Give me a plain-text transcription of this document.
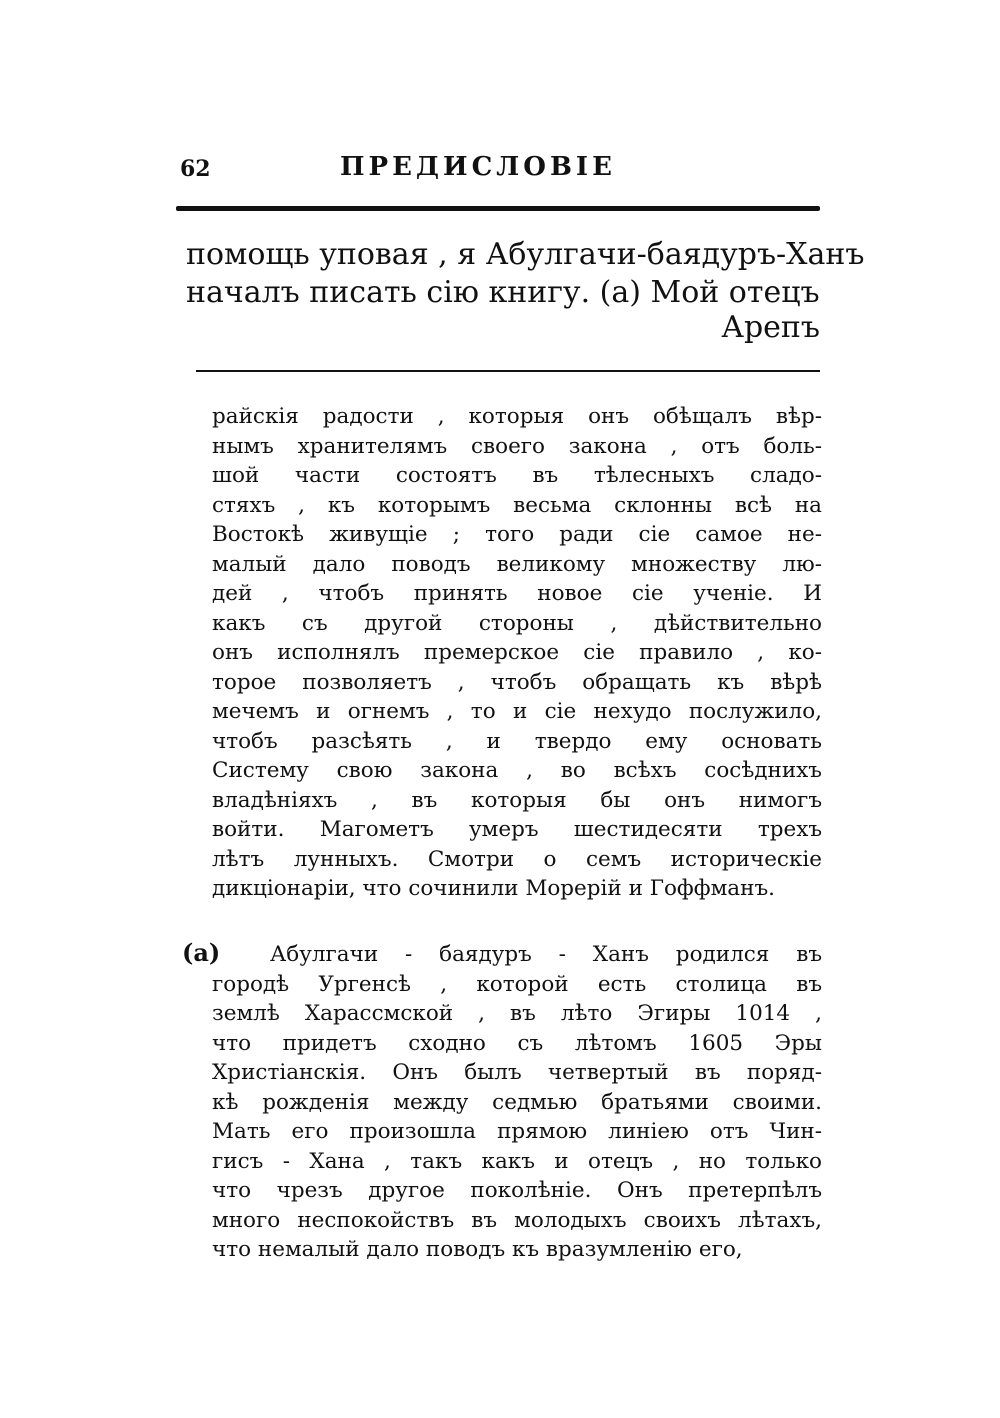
62	ПРЕДИСЛОВІЕ
помощь уповая , я Абулгачи-баядуръ-Ханъ
началъ писать сію книгу. (а) Мой отецъ
Арепъ
райскія радости , которыя онъ обѣщалъ вѣр-
нымъ хранителямъ своего закона , отъ боль-
шой части состоятъ въ тѣлесныхъ сладо-
стяхъ , къ которымъ весьма склонны всѣ на
Востокѣ живущіе ; того ради сіе самое не-
малый дало поводъ великому множеству лю-
дей , чтобъ принять новое сіе ученіе. И
какъ съ другой стороны , дѣйствительно
онъ исполнялъ премерское сіе правило , ко-
торое позволяетъ , чтобъ обращать къ вѣрѣ
мечемъ и огнемъ , то и сіе нехудо послужило,
чтобъ разсѣять , и твердо ему основать
Систему свою закона , во всѣхъ сосѣднихъ
владѣніяхъ , въ которыя бы онъ нимогъ
войти. Магометъ умеръ шестидесяти трехъ
лѣтъ лунныхъ. Смотри о семъ историческіе
дикціонаріи, что сочинили Морерій и Гоффманъ.
(а)	Абулгачи - баядуръ - Ханъ родился въ
городѣ Ургенсѣ , которой есть столица въ
землѣ Харассмской , въ лѣто Эгиры 1014 ,
что придетъ сходно съ лѣтомъ 1605 Эры
Христіанскія. Онъ былъ четвертый въ поряд-
кѣ рожденія между седмью братьями своими.
Мать его произошла прямою линіею отъ Чин-
гисъ - Хана , такъ какъ и отецъ , но только
что чрезъ другое поколѣніе. Онъ претерпѣлъ
много неспокойствъ въ молодыхъ своихъ лѣтахъ,
что немалый дало поводъ къ вразумленію его,
